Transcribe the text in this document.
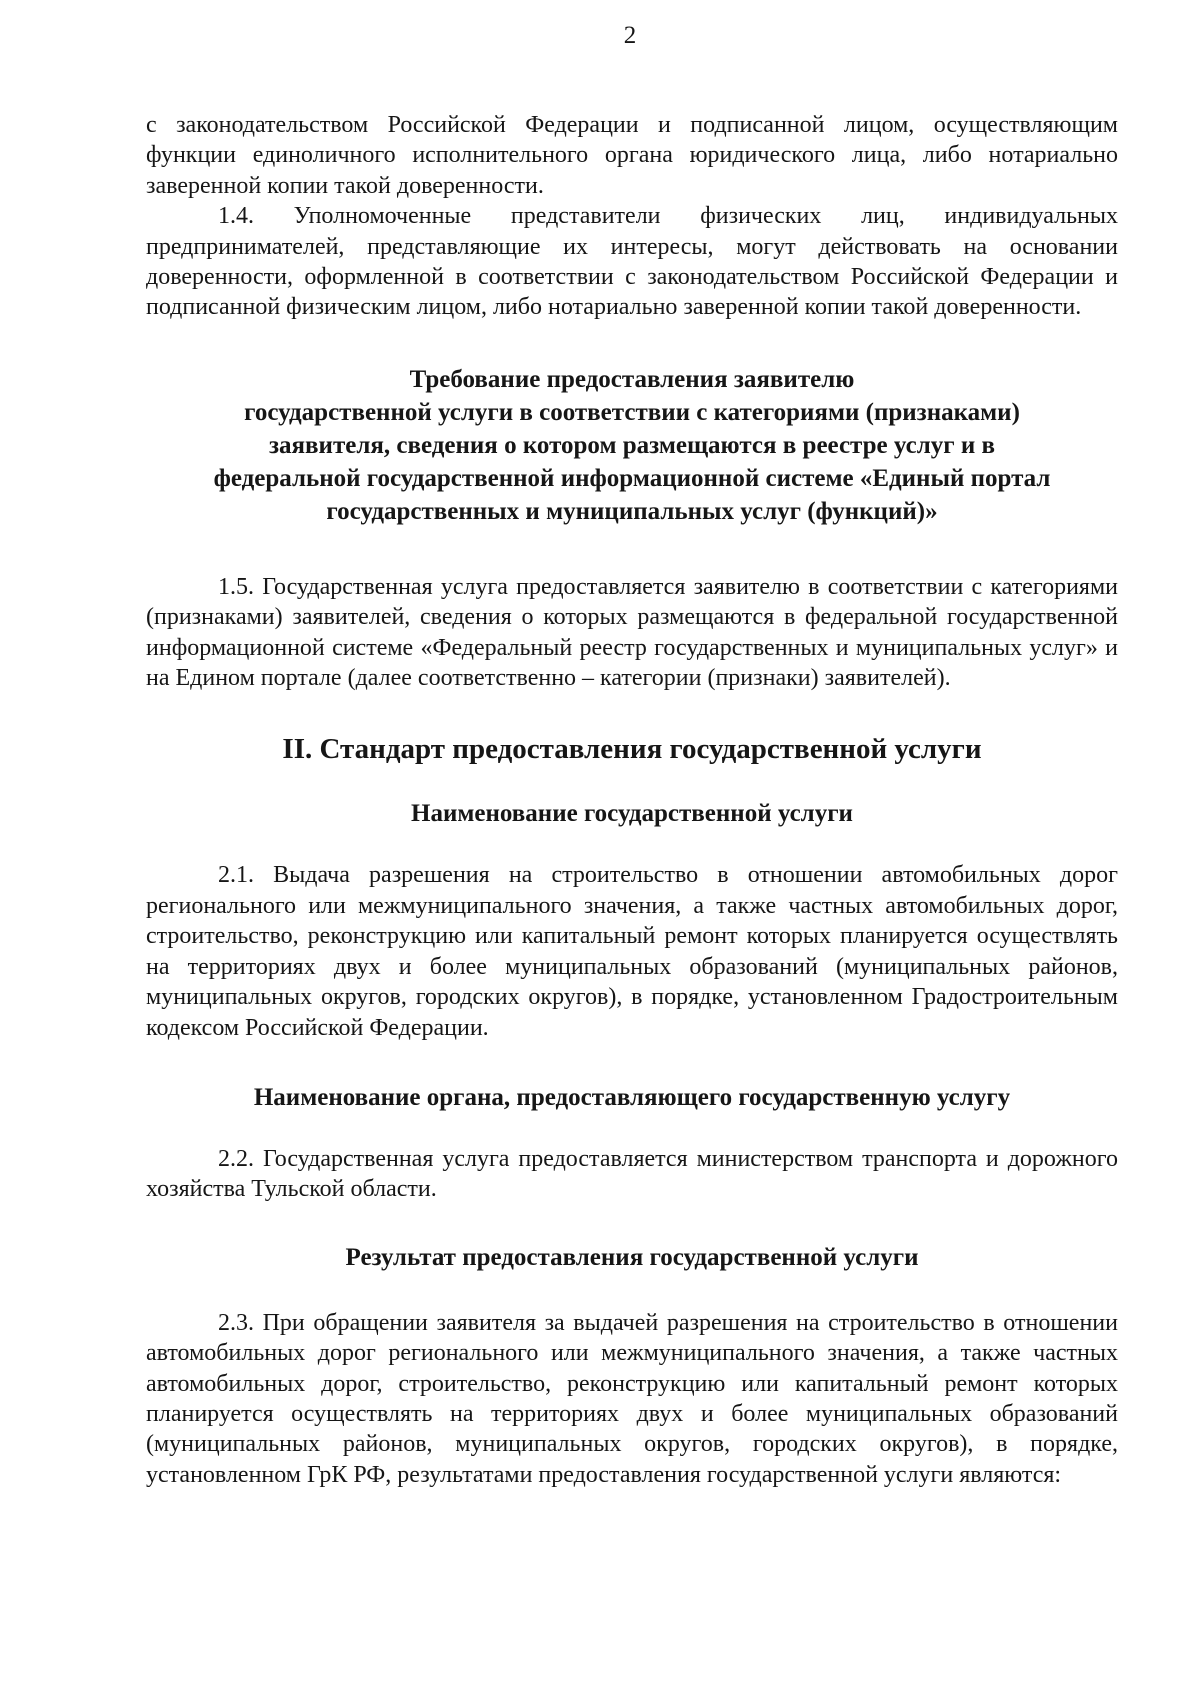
2

с законодательством Российской Федерации и подписанной лицом, осуществляющим функции единоличного исполнительного органа юридического лица, либо нотариально заверенной копии такой доверенности.

1.4. Уполномоченные представители физических лиц, индивидуальных предпринимателей, представляющие их интересы, могут действовать на основании доверенности, оформленной в соответствии с законодательством Российской Федерации и подписанной физическим лицом, либо нотариально заверенной копии такой доверенности.

Требование предоставления заявителю
государственной услуги в соответствии с категориями (признаками)
заявителя, сведения о котором размещаются в реестре услуг и в
федеральной государственной информационной системе «Единый портал
государственных и муниципальных услуг (функций)»

1.5. Государственная услуга предоставляется заявителю в соответствии с категориями (признаками) заявителей, сведения о которых размещаются в федеральной государственной информационной системе «Федеральный реестр государственных и муниципальных услуг» и на Едином портале (далее соответственно – категории (признаки) заявителей).

II. Стандарт предоставления государственной услуги
Наименование государственной услуги

2.1. Выдача разрешения на строительство в отношении автомобильных дорог регионального или межмуниципального значения, а также частных автомобильных дорог, строительство, реконструкцию или капитальный ремонт которых планируется осуществлять на территориях двух и более муниципальных образований (муниципальных районов, муниципальных округов, городских округов), в порядке, установленном Градостроительным кодексом Российской Федерации.

Наименование органа, предоставляющего государственную услугу

2.2. Государственная услуга предоставляется министерством транспорта и дорожного хозяйства Тульской области.

Результат предоставления государственной услуги

2.3. При обращении заявителя за выдачей разрешения на строительство в отношении автомобильных дорог регионального или межмуниципального значения, а также частных автомобильных дорог, строительство, реконструкцию или капитальный ремонт которых планируется осуществлять на территориях двух и более муниципальных образований (муниципальных районов, муниципальных округов, городских округов), в порядке, установленном ГрК РФ, результатами предоставления государственной услуги являются:
